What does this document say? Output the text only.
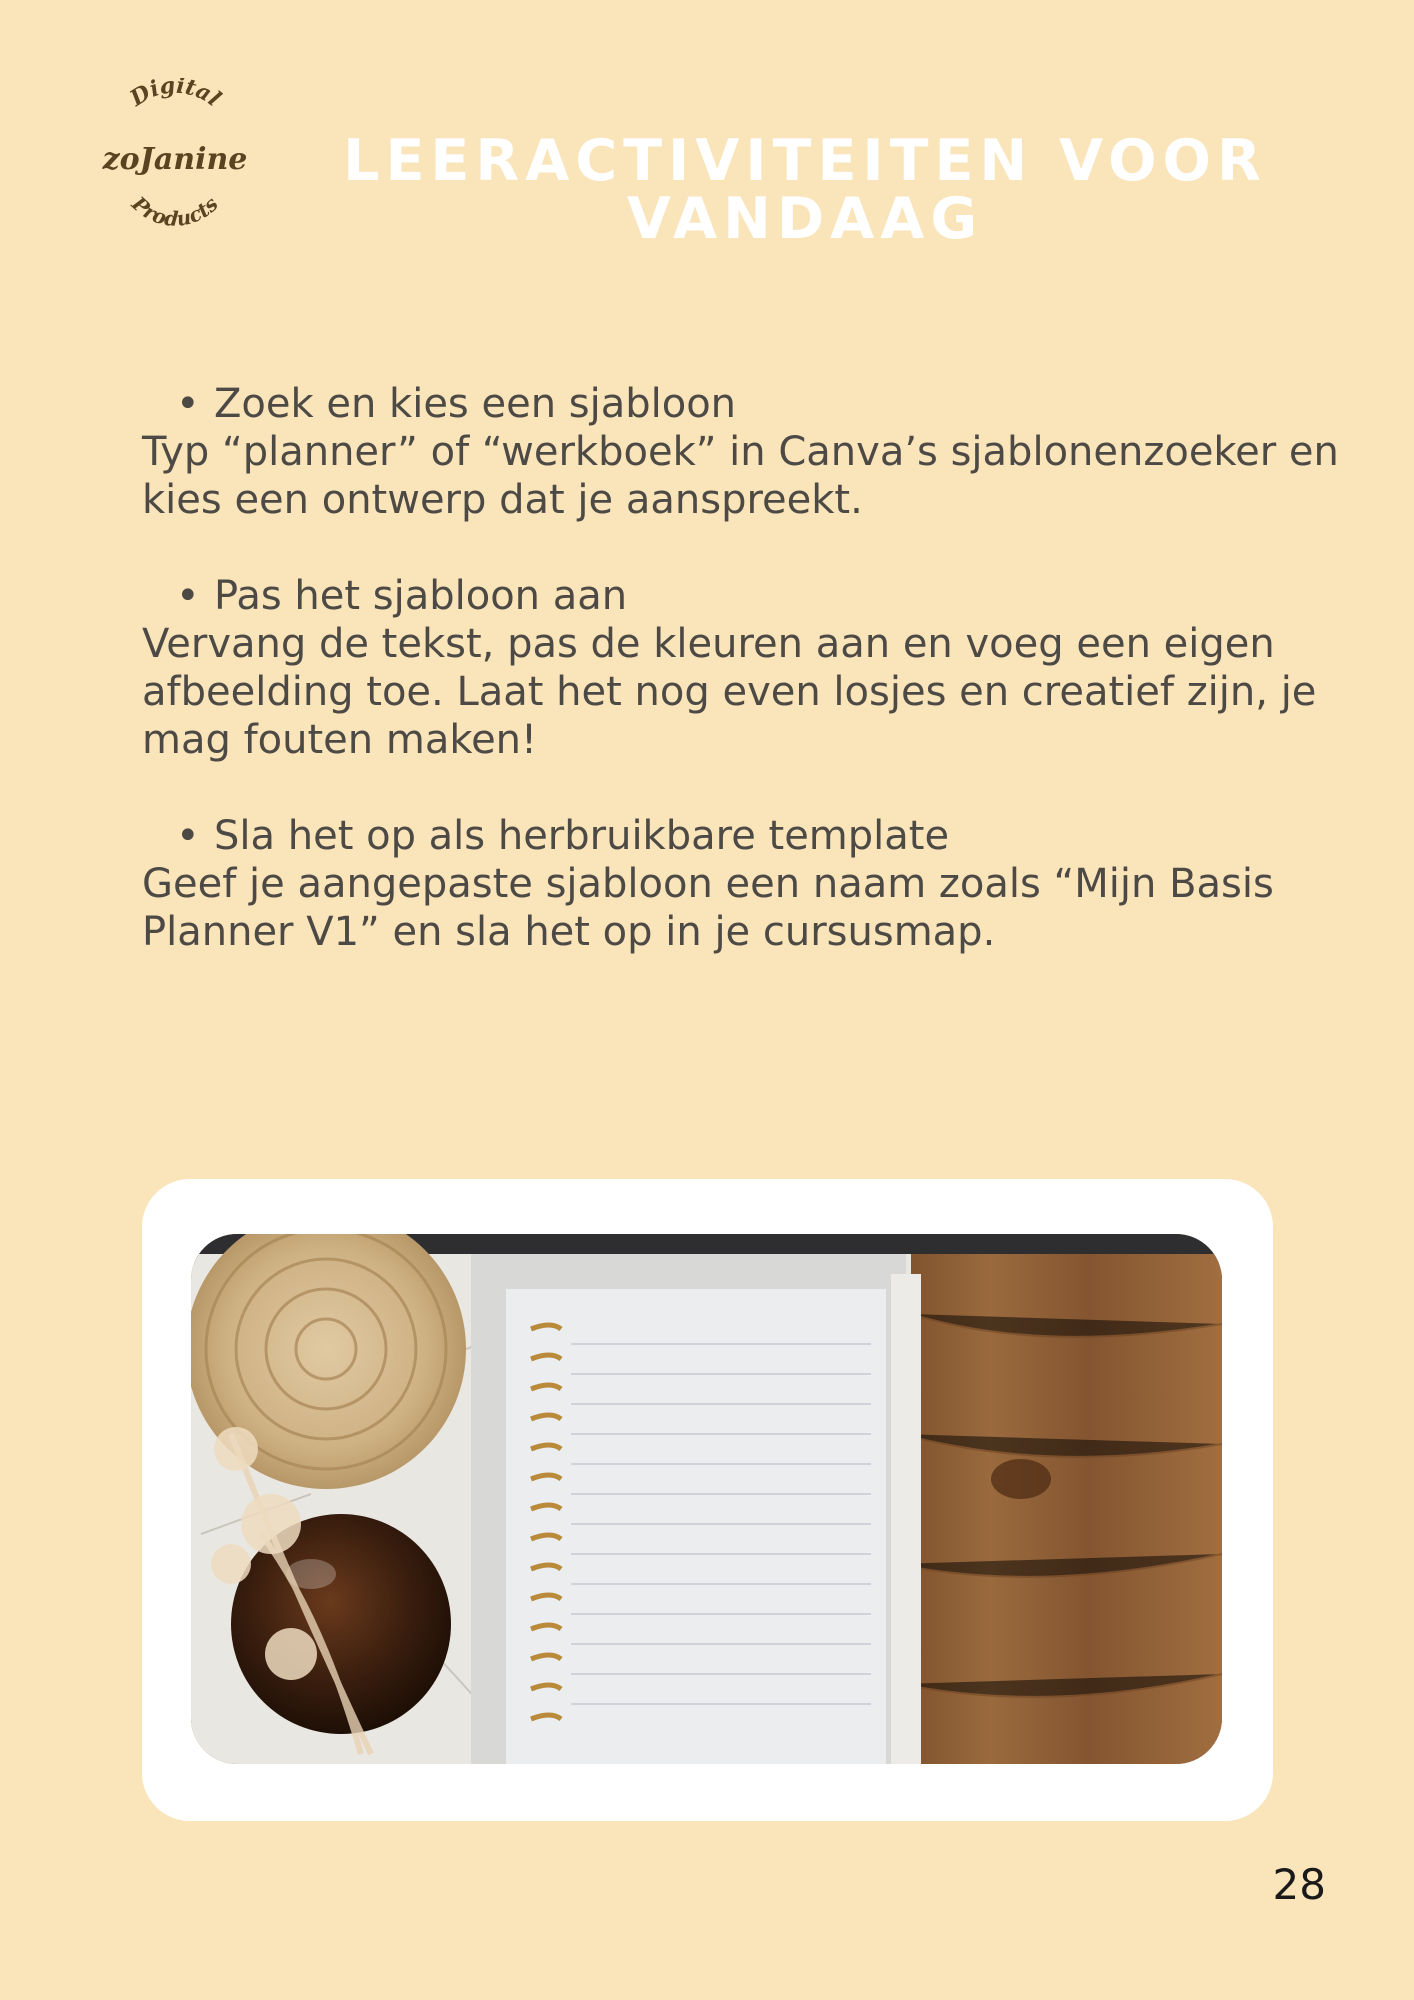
Digital
zoJanine
Products
LEERACTIVITEITEN VOOR VANDAAG
• Zoek en kies een sjabloon
Typ “planner” of “werkboek” in Canva’s sjablonenzoeker en kies een ontwerp dat je aanspreekt.
• Pas het sjabloon aan
Vervang de tekst, pas de kleuren aan en voeg een eigen afbeelding toe. Laat het nog even losjes en creatief zijn, je mag fouten maken!
• Sla het op als herbruikbare template
Geef je aangepaste sjabloon een naam zoals “Mijn Basis Planner V1” en sla het op in je cursusmap.
28
